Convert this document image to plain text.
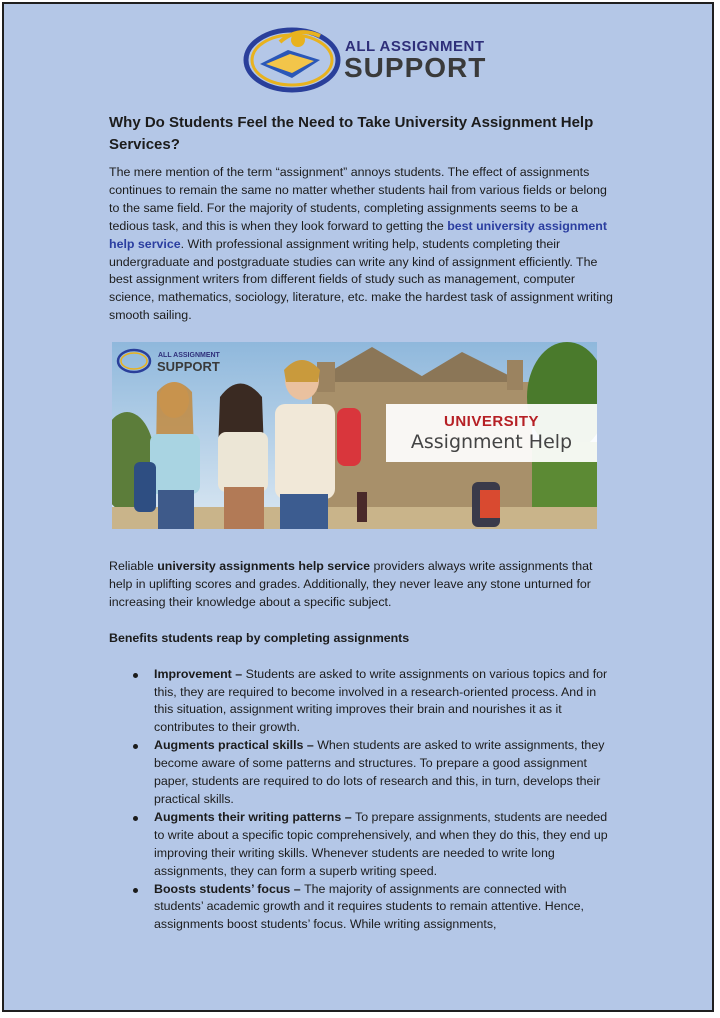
ALL ASSIGNMENT
SUPPORT
Why Do Students Feel the Need to Take University Assignment Help Services?

The mere mention of the term “assignment” annoys students. The effect of assignments continues to remain the same no matter whether students hail from various fields or belong to the same field. For the majority of students, completing assignments seems to be a tedious task, and this is when they look forward to getting the best university assignment help service. With professional assignment writing help, students completing their undergraduate and postgraduate studies can write any kind of assignment efficiently. The best assignment writers from different fields of study such as management, computer science, mathematics, sociology, literature, etc. make the hardest task of assignment writing smooth sailing.

ALL ASSIGNMENT
SUPPORT
UNIVERSITY
Assignment Help

Reliable university assignments help service providers always write assignments that help in uplifting scores and grades. Additionally, they never leave any stone unturned for increasing their knowledge about a specific subject.

Benefits students reap by completing assignments

Improvement – Students are asked to write assignments on various topics and for this, they are required to become involved in a research-oriented process. And in this situation, assignment writing improves their brain and nourishes it as it contributes to their growth.
Augments practical skills – When students are asked to write assignments, they become aware of some patterns and structures. To prepare a good assignment paper, students are required to do lots of research and this, in turn, develops their practical skills.
Augments their writing patterns – To prepare assignments, students are needed to write about a specific topic comprehensively, and when they do this, they end up improving their writing skills. Whenever students are needed to write long assignments, they can form a superb writing speed.
Boosts students’ focus – The majority of assignments are connected with students’ academic growth and it requires students to remain attentive. Hence, assignments boost students’ focus. While writing assignments,
